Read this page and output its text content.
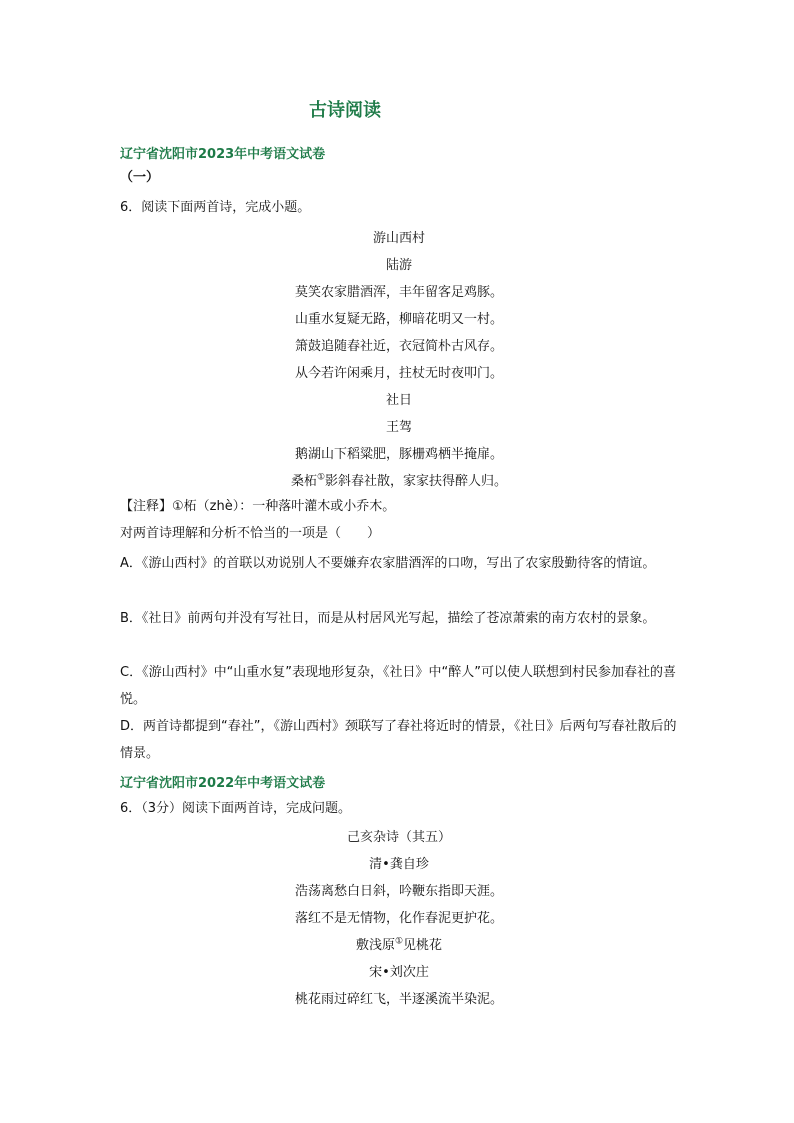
古诗阅读
辽宁省沈阳市2023年中考语文试卷
（一）
6．阅读下面两首诗，完成小题。
游山西村
陆游
莫笑农家腊酒浑，丰年留客足鸡豚。
山重水复疑无路，柳暗花明又一村。
箫鼓追随春社近，衣冠简朴古风存。
从今若许闲乘月，拄杖无时夜叩门。
社日
王驾
鹅湖山下稻粱肥，豚栅鸡栖半掩扉。
桑柘①影斜春社散，家家扶得醉人归。
【注释】①柘（zhè）：一种落叶灌木或小乔木。
对两首诗理解和分析不恰当的一项是（　　）
A．《游山西村》的首联以劝说别人不要嫌弃农家腊酒浑的口吻，写出了农家殷勤待客的情谊。
B．《社日》前两句并没有写社日，而是从村居风光写起，描绘了苍凉萧索的南方农村的景象。
C．《游山西村》中“山重水复”表现地形复杂，《社日》中“醉人”可以使人联想到村民参加春社的喜悦。
D．两首诗都提到“春社”，《游山西村》颈联写了春社将近时的情景，《社日》后两句写春社散后的情景。
辽宁省沈阳市2022年中考语文试卷
6．（3分）阅读下面两首诗，完成问题。
己亥杂诗（其五）
清•龚自珍
浩荡离愁白日斜，吟鞭东指即天涯。
落红不是无情物，化作春泥更护花。
敷浅原①见桃花
宋•刘次庄
桃花雨过碎红飞，半逐溪流半染泥。
